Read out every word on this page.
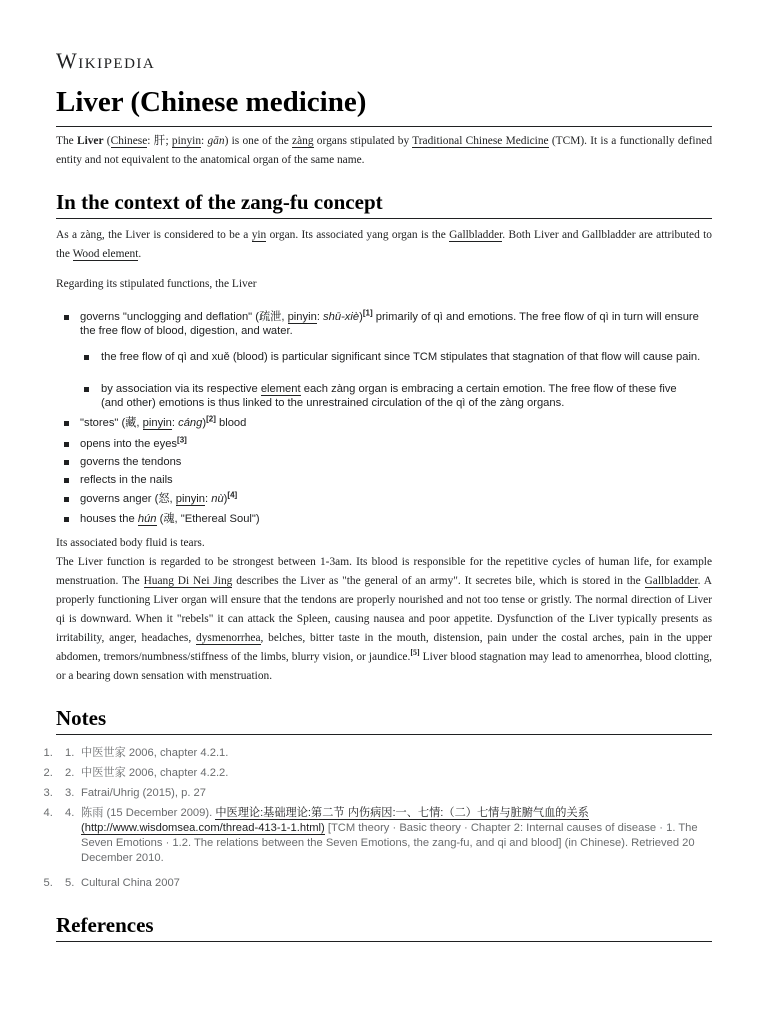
Wikipedia
Liver (Chinese medicine)

The Liver (Chinese: 肝; pinyin: gān) is one of the zàng organs stipulated by Traditional Chinese Medicine (TCM). It is a functionally defined entity and not equivalent to the anatomical organ of the same name.

In the context of the zang-fu concept

As a zàng, the Liver is considered to be a yin organ. Its associated yang organ is the Gallbladder. Both Liver and Gallbladder are attributed to the Wood element.

Regarding its stipulated functions, the Liver

governs "unclogging and deflation" (疏泄, pinyin: shū-xiè)[1] primarily of qì and emotions. The free flow of qì in turn will ensure the free flow of blood, digestion, and water.
the free flow of qì and xuě (blood) is particular significant since TCM stipulates that stagnation of that flow will cause pain.
by association via its respective element each zàng organ is embracing a certain emotion. The free flow of these five (and other) emotions is thus linked to the unrestrained circulation of the qì of the zàng organs.
"stores" (藏, pinyin: cáng)[2] blood
opens into the eyes[3]
governs the tendons
reflects in the nails
governs anger (怒, pinyin: nù)[4]
houses the hún (魂, "Ethereal Soul")

Its associated body fluid is tears.

The Liver function is regarded to be strongest between 1-3am. Its blood is responsible for the repetitive cycles of human life, for example menstruation. The Huang Di Nei Jing describes the Liver as "the general of an army". It secretes bile, which is stored in the Gallbladder. A properly functioning Liver organ will ensure that the tendons are properly nourished and not too tense or gristly. The normal direction of Liver qi is downward. When it "rebels" it can attack the Spleen, causing nausea and poor appetite. Dysfunction of the Liver typically presents as irritability, anger, headaches, dysmenorrhea, belches, bitter taste in the mouth, distension, pain under the costal arches, pain in the upper abdomen, tremors/numbness/stiffness of the limbs, blurry vision, or jaundice.[5] Liver blood stagnation may lead to amenorrhea, blood clotting, or a bearing down sensation with menstruation.

Notes
1. 1. 中医世家 2006, chapter 4.2.1.
2. 2. 中医世家 2006, chapter 4.2.2.
3. 3. Fatrai/Uhrig (2015), p. 27
4. 4. 陈雨 (15 December 2009). 中医理论:基础理论:第二节 内伤病因:一、七情:（二）七情与脏腑气血的关系 (http://www.wisdomsea.com/thread-413-1-1.html) [TCM theory · Basic theory · Chapter 2: Internal causes of disease · 1. The Seven Emotions · 1.2. The relations between the Seven Emotions, the zang-fu, and qi and blood] (in Chinese). Retrieved 20 December 2010.
5. 5. Cultural China 2007
References
